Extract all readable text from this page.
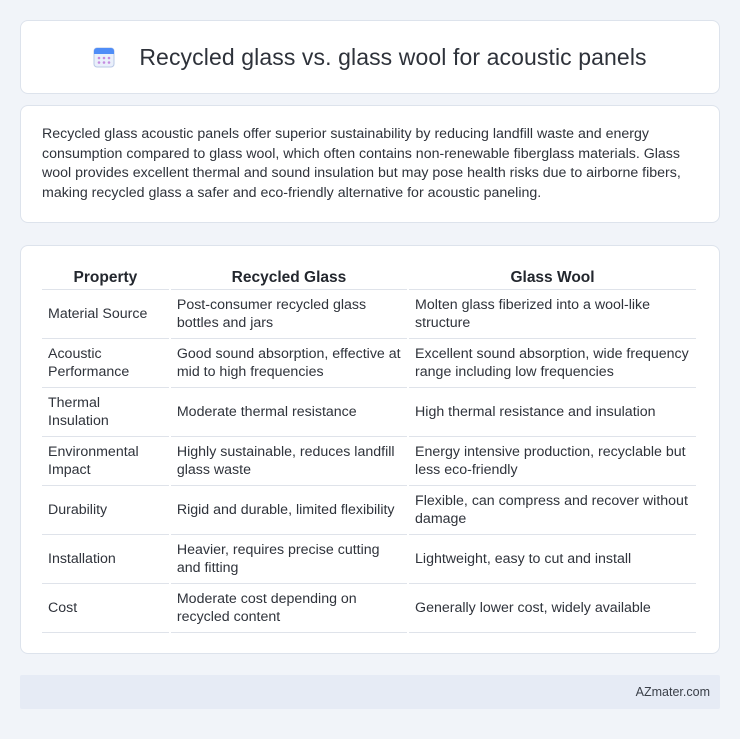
Recycled glass vs. glass wool for acoustic panels

Recycled glass acoustic panels offer superior sustainability by reducing landfill waste and energy consumption compared to glass wool, which often contains non-renewable fiberglass materials. Glass wool provides excellent thermal and sound insulation but may pose health risks due to airborne fibers, making recycled glass a safer and eco-friendly alternative for acoustic paneling.

Property	Recycled Glass	Glass Wool
Material Source	Post-consumer recycled glass bottles and jars	Molten glass fiberized into a wool-like structure
Acoustic Performance	Good sound absorption, effective at mid to high frequencies	Excellent sound absorption, wide frequency range including low frequencies
Thermal Insulation	Moderate thermal resistance	High thermal resistance and insulation
Environmental Impact	Highly sustainable, reduces landfill glass waste	Energy intensive production, recyclable but less eco-friendly
Durability	Rigid and durable, limited flexibility	Flexible, can compress and recover without damage
Installation	Heavier, requires precise cutting and fitting	Lightweight, easy to cut and install
Cost	Moderate cost depending on recycled content	Generally lower cost, widely available
AZmater.com
